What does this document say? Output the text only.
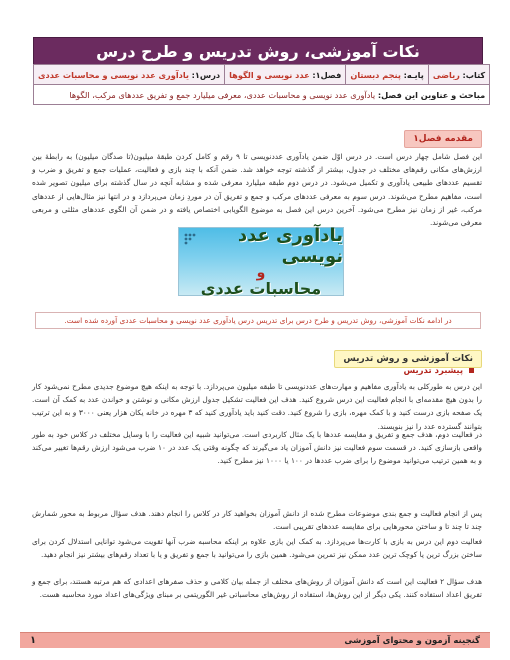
نکات آموزشی، روش تدریس و طرح درس
کتاب: ریاضی	پایـه: پنجم دبستان	فصل۱: عدد نویسی و الگوها	درس۱: یادآوری عدد نویسی و محاسبات عددی
مباحث و عناوین این فصل: یادآوری عدد نویسی و محاسبات عددی، معرفی میلیارد جمع و تفریق عددهای مرکب، الگوها
مقدمه فصل۱
این فصل شامل چهار درس است. در درس اوّل ضمن یادآوری عددنویسی تا ۹ رقم و کامل کردن طبقهٔ میلیون(تا صدگان میلیون) به رابطهٔ بین ارزش‌های مکانی رقم‌های مختلف در جدول، بیشتر از گذشته توجه خواهد شد. ضمن آنکه با چند بازی و فعالیت، عملیات جمع و تفریق و ضرب و تقسیم عددهای طبیعی یادآوری و تکمیل می‌شود. در درس دوم طبقه میلیارد معرفی شده و مشابه آنچه در سال گذشته برای میلیون تصویر شده است، مفاهیم مطرح می‌شوند. درس سوم به معرفی عددهای مرکب و جمع و تفریق آن در موردِ زمان می‌پردازد و در انتها نیز مثال‌هایی از عددهای مرکب، غیر از زمان نیز مطرح می‌شود. آخرین درس این فصل به موضوع الگویابی اختصاص یافته و در ضمن آن الگوی عددهای مثلثی و مربعی معرفی می‌شوند.
یادآوری عدد نویسی
و
محاسبات عددی
در ادامه نکات آموزشی، روش تدریس و طرح درس برای تدریس درس یادآوری عدد نویسی و محاسبات عددی آورده شده است.
نکات آموزشی و روش تدریس
پیشبرد تدریس
این درس به طورکلی به یادآوری مفاهیم و مهارت‌های عددنویسی تا طبقه میلیون می‌پردازد. با توجه به اینکه هیچ موضوع جدیدی مطرح نمی‌شود کار را بدون هیچ مقدمه‌ای با انجام فعالیت این درس شروع کنید. هدف این فعالیت تشکیل جدول ارزش مکانی و نوشتن و خواندن عدد به کمک آن است. یک صفحه بازی درست کنید و با کمک مهره، بازی را شروع کنید. دقت کنید باید یادآوری کنید که ۳ مهره در خانه یکان هزار یعنی ۳۰۰۰ و به این ترتیب بتوانند گسترده عدد را نیز بنویسند.
در فعالیت دوم، هدف جمع و تفریق و مقایسه عددها با یک مثال کاربردی است. می‌توانید شبیه این فعالیت را با وسایل مختلف در کلاس خود به طور واقعی بازسازی کنید. در قسمت سوم فعالیت نیز دانش آموزان یاد می‌گیرند که چگونه وقتی یک عدد در ۱۰ ضرب می‌شود ارزش رقم‌ها تغییر می‌کند و به همین ترتیب می‌توانید موضوع را برای ضرب عددها در ۱۰۰ یا ۱۰۰۰ نیز مطرح کنید.
پس از انجام فعالیت و جمع بندی موضوعات مطرح شده از دانش آموزان بخواهید کار در کلاس را انجام دهند. هدف سؤال مربوط به محور شمارش چند تا چند تا و ساختن محورهایی برای مقایسه عددهای تقریبی است.
فعالیت دوم این درس به بازی با کارت‌ها می‌پردازد. به کمک این بازی علاوه بر اینکه محاسبه ضرب آنها تقویت می‌شود توانایی استدلال کردن برای ساختن بزرگ ترین یا کوچک ترین عدد ممکن نیز تمرین می‌شود. همین بازی را می‌توانید با جمع و تفریق و یا با تعداد رقم‌های بیشتر نیز انجام دهید.
هدف سؤال ۲ فعالیت این است که دانش آموزان از روش‌های مختلف از جمله بیان کلامی و حذف صفرهای اعدادی که هم مرتبه هستند، برای جمع و تفریق اعداد استفاده کنند. یکی دیگر از این روش‌ها، استفاده از روش‌های محاسباتی غیر الگوریتمی بر مبنای ویژگی‌های اعداد مورد محاسبه هست.
گنجینه آزمون و محتوای آموزشی
۱
